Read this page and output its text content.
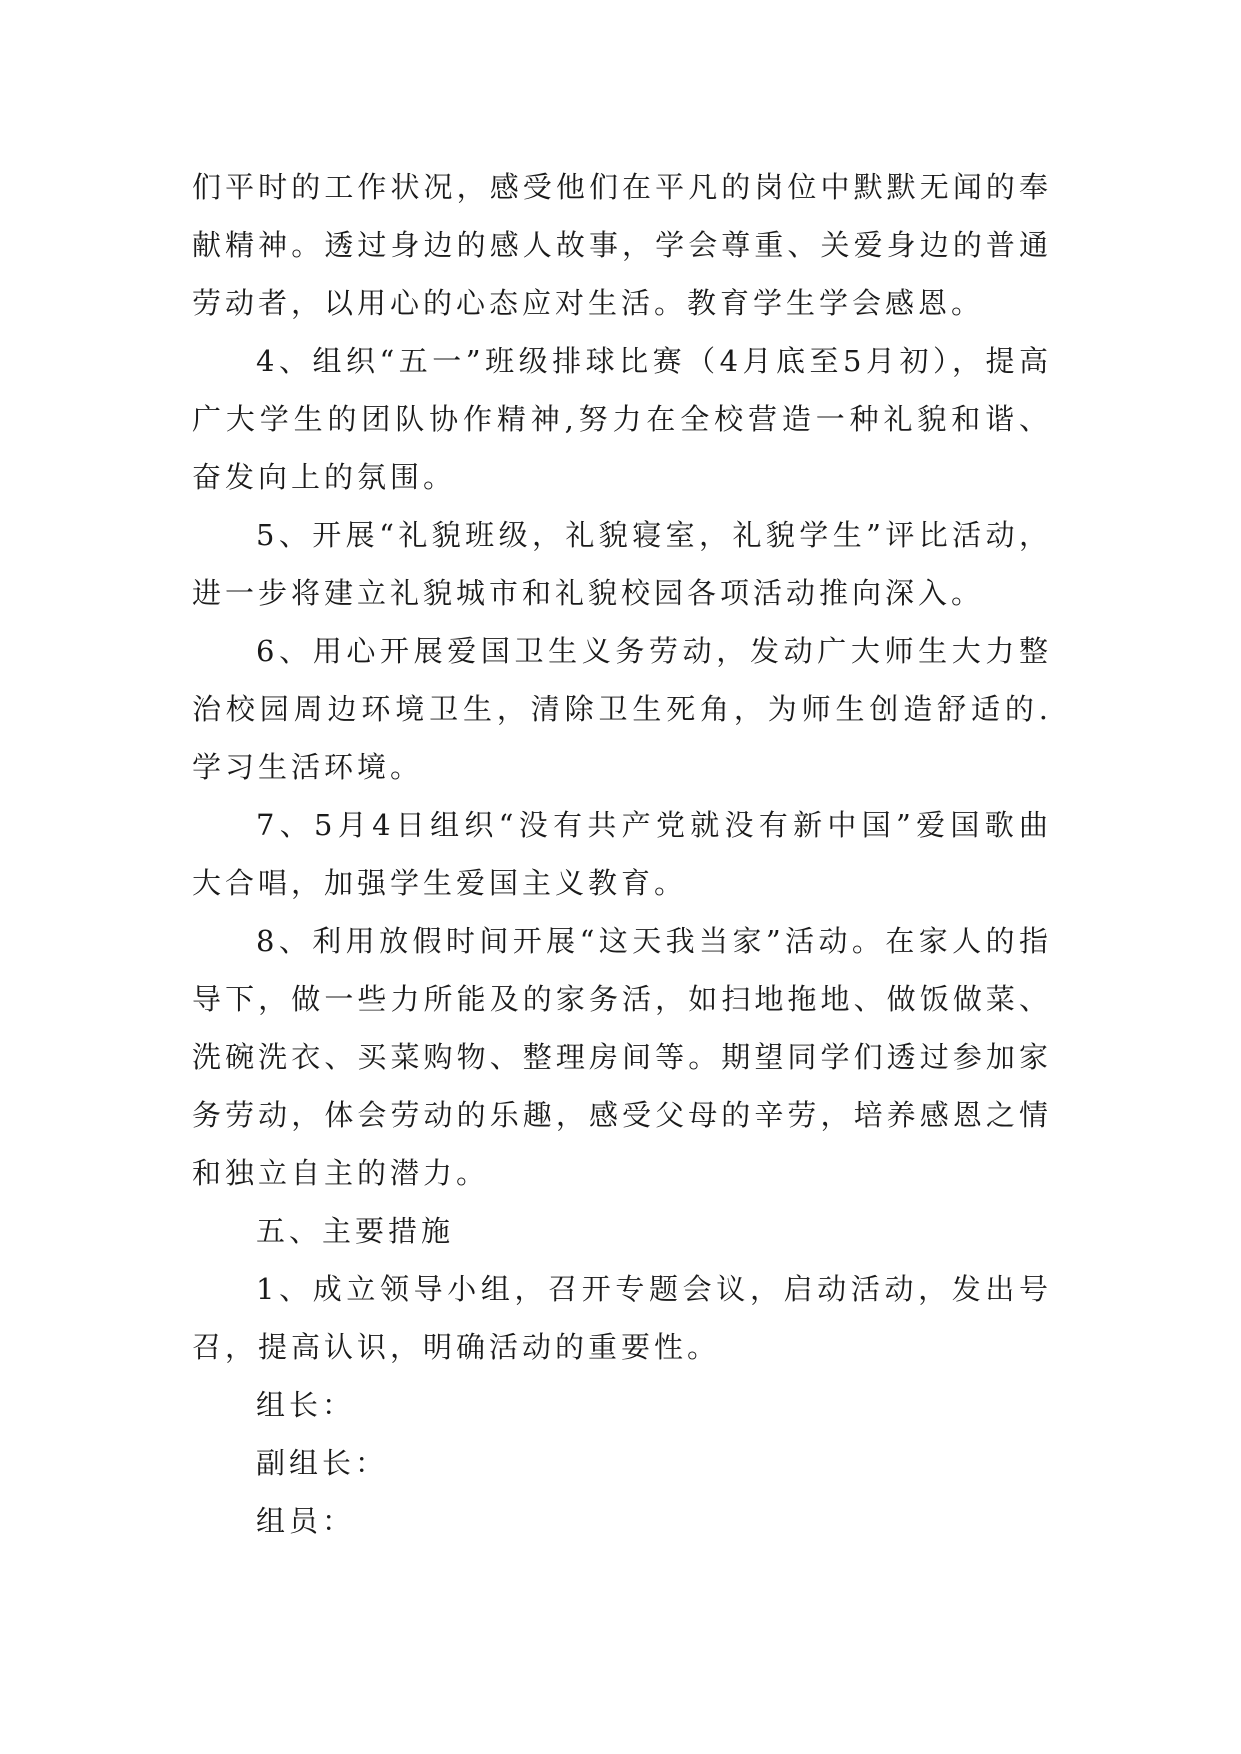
们平时的工作状况，感受他们在平凡的岗位中默默无闻的奉献精神。透过身边的感人故事，学会尊重、关爱身边的普通劳动者，以用心的心态应对生活。教育学生学会感恩。

4、组织“五一”班级排球比赛（4月底至5月初），提高广大学生的团队协作精神,努力在全校营造一种礼貌和谐、奋发向上的氛围。

5、开展“礼貌班级，礼貌寝室，礼貌学生”评比活动，进一步将建立礼貌城市和礼貌校园各项活动推向深入。

6、用心开展爱国卫生义务劳动，发动广大师生大力整治校园周边环境卫生，清除卫生死角，为师生创造舒适的.学习生活环境。

7、5月4日组织“没有共产党就没有新中国”爱国歌曲大合唱，加强学生爱国主义教育。

8、利用放假时间开展“这天我当家”活动。在家人的指导下，做一些力所能及的家务活，如扫地拖地、做饭做菜、洗碗洗衣、买菜购物、整理房间等。期望同学们透过参加家务劳动，体会劳动的乐趣，感受父母的辛劳，培养感恩之情和独立自主的潜力。

五、主要措施

1、成立领导小组，召开专题会议，启动活动，发出号召，提高认识，明确活动的重要性。

组长：

副组长：

组员：
